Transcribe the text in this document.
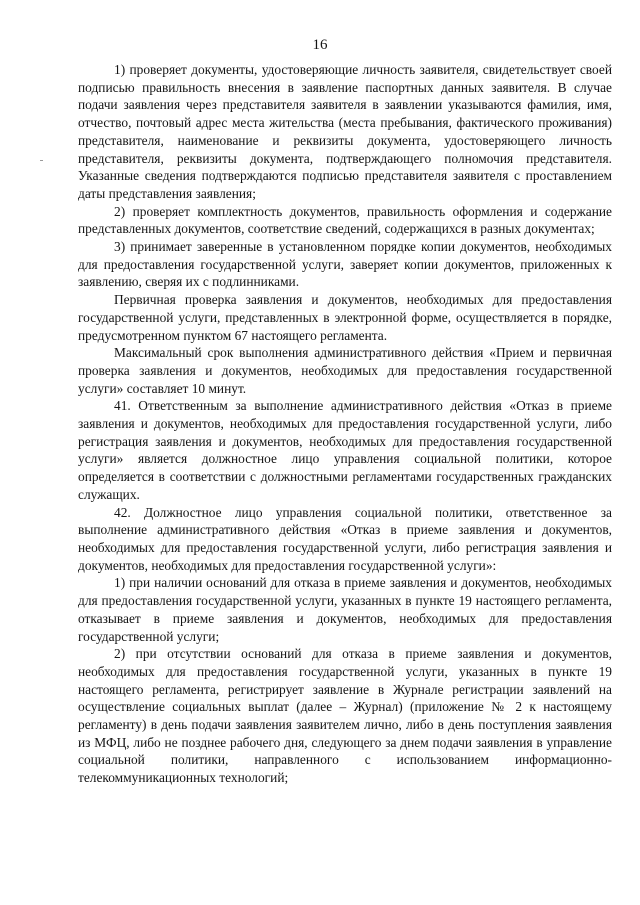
16

1) проверяет документы, удостоверяющие личность заявителя, свидетельствует своей подписью правильность внесения в заявление паспортных данных заявителя. В случае подачи заявления через представителя заявителя в заявлении указываются фамилия, имя, отчество, почтовый адрес места жительства (места пребывания, фактического проживания) представителя, наименование и реквизиты документа, удостоверяющего личность представителя, реквизиты документа, подтверждающего полномочия представителя. Указанные сведения подтверждаются подписью представителя заявителя с проставлением даты представления заявления;

2) проверяет комплектность документов, правильность оформления и содержание представленных документов, соответствие сведений, содержащихся в разных документах;

3) принимает заверенные в установленном порядке копии документов, необходимых для предоставления государственной услуги, заверяет копии документов, приложенных к заявлению, сверяя их с подлинниками.

Первичная проверка заявления и документов, необходимых для предоставления государственной услуги, представленных в электронной форме, осуществляется в порядке, предусмотренном пунктом 67 настоящего регламента.

Максимальный срок выполнения административного действия «Прием и первичная проверка заявления и документов, необходимых для предоставления государственной услуги» составляет 10 минут.

41. Ответственным за выполнение административного действия «Отказ в приеме заявления и документов, необходимых для предоставления государственной услуги, либо регистрация заявления и документов, необходимых для предоставления государственной услуги» является должностное лицо управления социальной политики, которое определяется в соответствии с должностными регламентами государственных гражданских служащих.

42. Должностное лицо управления социальной политики, ответственное за выполнение административного действия «Отказ в приеме заявления и документов, необходимых для предоставления государственной услуги, либо регистрация заявления и документов, необходимых для предоставления государственной услуги»:

1) при наличии оснований для отказа в приеме заявления и документов, необходимых для предоставления государственной услуги, указанных в пункте 19 настоящего регламента, отказывает в приеме заявления и документов, необходимых для предоставления государственной услуги;

2) при отсутствии оснований для отказа в приеме заявления и документов, необходимых для предоставления государственной услуги, указанных в пункте 19 настоящего регламента, регистрирует заявление в Журнале регистрации заявлений на осуществление социальных выплат (далее – Журнал) (приложение № 2 к настоящему регламенту) в день подачи заявления заявителем лично, либо в день поступления заявления из МФЦ, либо не позднее рабочего дня, следующего за днем подачи заявления в управление социальной политики, направленного с использованием информационно-телекоммуникационных технологий;
